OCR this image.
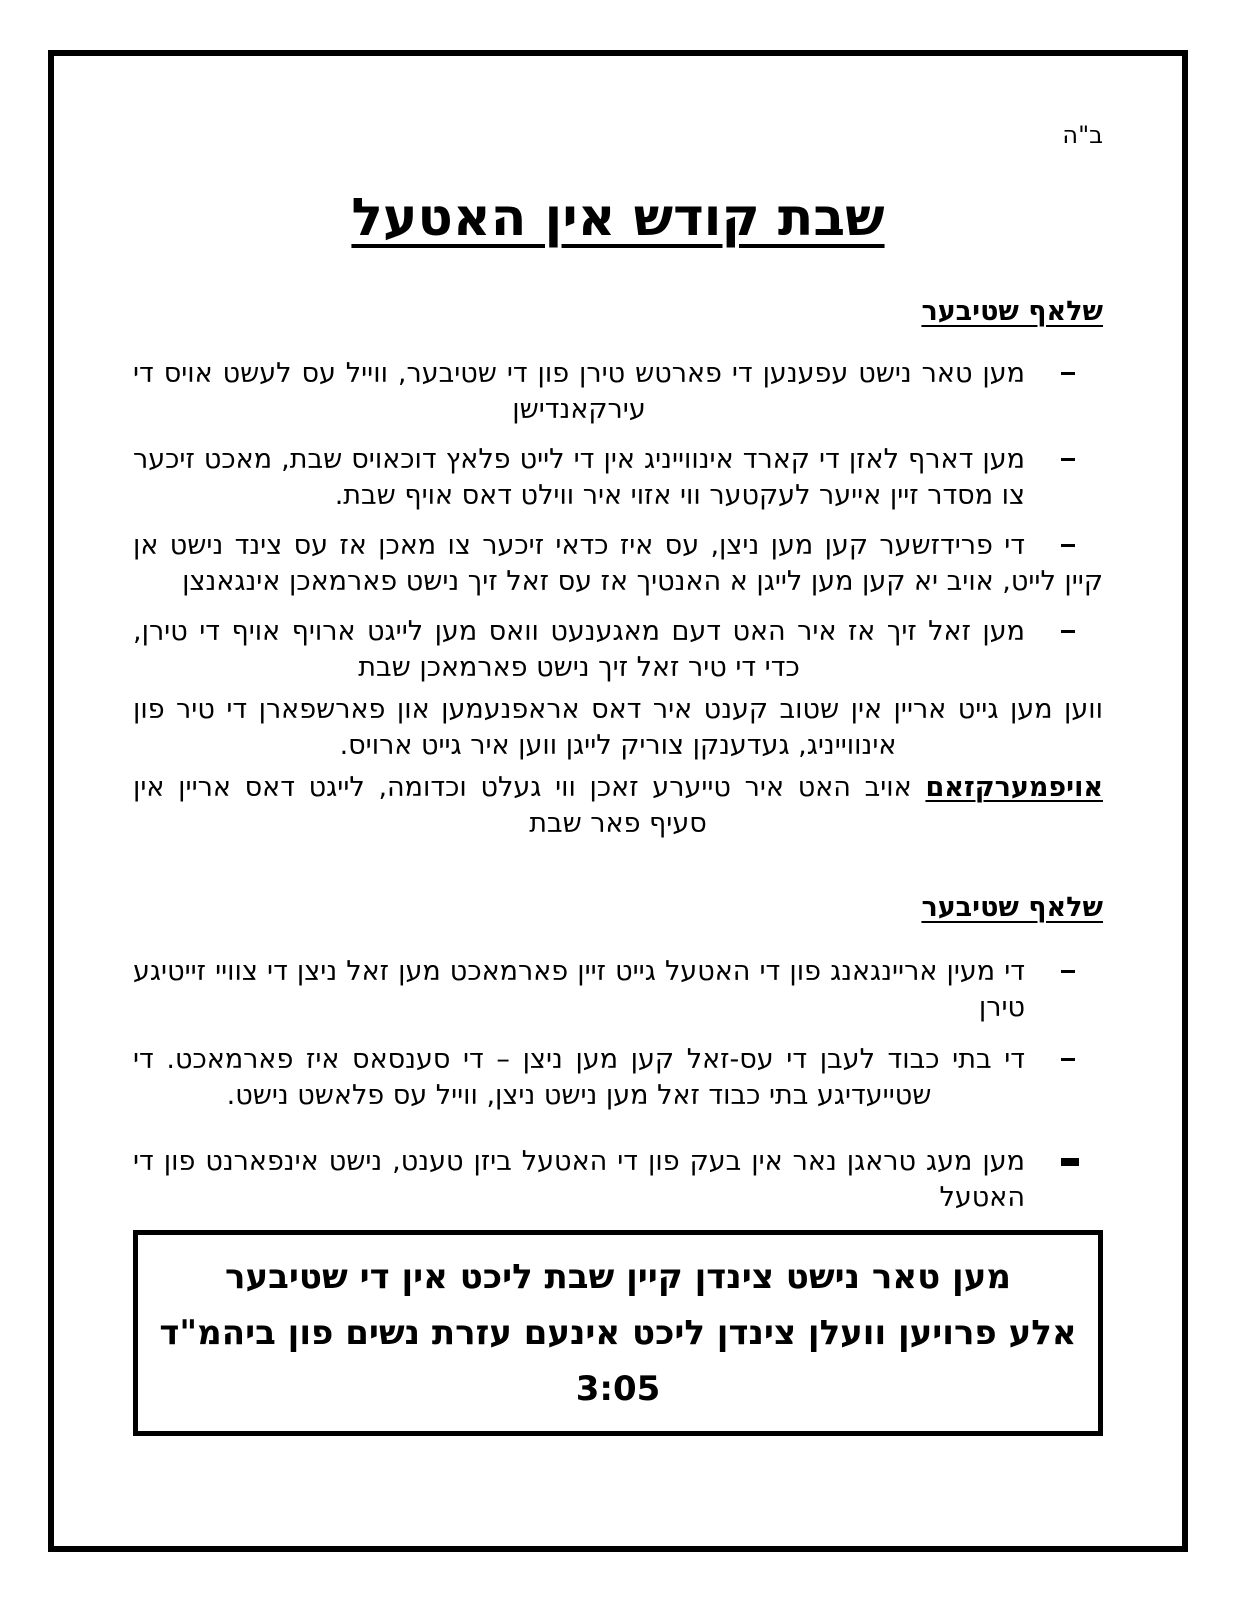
ב"ה
שבת קודש אין האטעל
שלאף שטיבער

מען טאר נישט עפענען די פארטש טירן פון די שטיבער, ווייל עס לעשט אויס די עירקאנדישן

מען דארף לאזן די קארד אינווייניג אין די לייט פלאץ דוכאויס שבת, מאכט זיכער צו מסדר זיין אייער לעקטער ווי אזוי איר ווילט דאס אויף שבת.

די פרידזשער קען מען ניצן, עס איז כדאי זיכער צו מאכן אז עס צינד נישט אן קיין לייט, אויב יא קען מען לייגן א האנטיך אז עס זאל זיך נישט פארמאכן אינגאנצן

מען זאל זיך אז איר האט דעם מאגענעט וואס מען לייגט ארויף אויף די טירן, כדי די טיר זאל זיך נישט פארמאכן שבת

ווען מען גייט אריין אין שטוב קענט איר דאס אראפנעמען און פארשפארן די טיר פון אינווייניג, געדענקן צוריק לייגן ווען איר גייט ארויס.

אויפמערקזאם אויב האט איר טייערע זאכן ווי געלט וכדומה, לייגט דאס אריין אין סעיף פאר שבת

שלאף שטיבער

די מעין אריינגאנג פון די האטעל גייט זיין פארמאכט מען זאל ניצן די צוויי זייטיגע טירן

די בתי כבוד לעבן די עס-זאל קען מען ניצן – די סענסאס איז פארמאכט. די שטייעדיגע בתי כבוד זאל מען נישט ניצן, ווייל עס פלאשט נישט.

מען מעג טראגן נאר אין בעק פון די האטעל ביזן טענט, נישט אינפארנט פון די האטעל

מען טאר נישט צינדן קיין שבת ליכט אין די שטיבער

אלע פרויען וועלן צינדן ליכט אינעם עזרת נשים פון ביהמ"ד 3:05
